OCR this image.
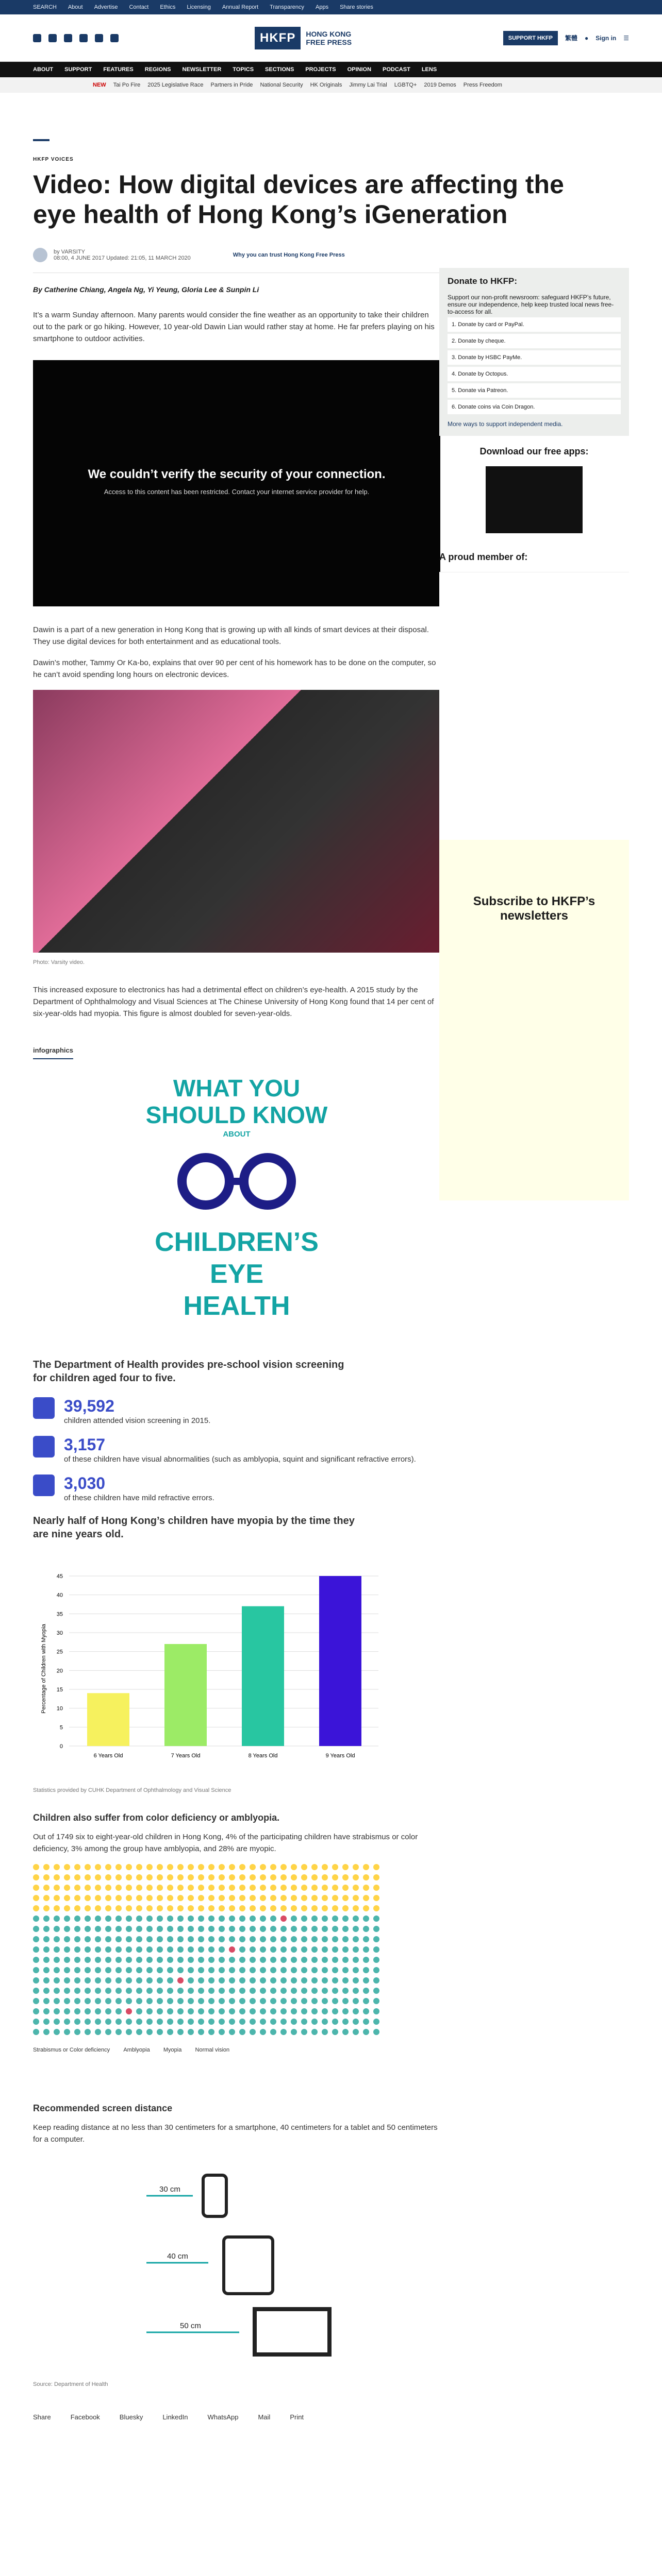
SEARCH About Advertise Contact Ethics Licensing Annual Report Transparency Apps Share stories
HKFP	HONG KONG
FREE PRESS	SUPPORT HKFP	繁體 ● Sign in ☰
ABOUT SUPPORT FEATURES REGIONS NEWSLETTER TOPICS SECTIONS PROJECTS OPINION PODCAST LENS
NEW Tai Po Fire 2025 Legislative Race Partners in Pride National Security HK Originals Jimmy Lai Trial LGBTQ+ 2019 Demos Press Freedom
HKFP VOICES
Video: How digital devices are affecting the eye health of Hong Kong’s iGeneration
by VARSITY
08:00, 4 JUNE 2017 Updated: 21:05, 11 MARCH 2020	Why you can trust Hong Kong Free Press
By Catherine Chiang, Angela Ng, Yi Yeung, Gloria Lee & Sunpin Li

It’s a warm Sunday afternoon. Many parents would consider the fine weather as an opportunity to take their children out to the park or go hiking. However, 10 year-old Dawin Lian would rather stay at home. He far prefers playing on his smartphone to outdoor activities.

We couldn’t verify the security of your connection.
Access to this content has been restricted. Contact your internet service provider for help.

Dawin is a part of a new generation in Hong Kong that is growing up with all kinds of smart devices at their disposal. They use digital devices for both entertainment and as educational tools.

Dawin’s mother, Tammy Or Ka-bo, explains that over 90 per cent of his homework has to be done on the computer, so he can’t avoid spending long hours on electronic devices.

Photo: Varsity video.

This increased exposure to electronics has had a detrimental effect on children’s eye-health. A 2015 study by the Department of Ophthalmology and Visual Sciences at The Chinese University of Hong Kong found that 14 per cent of six-year-olds had myopia. This figure is almost doubled for seven-year-olds.

infographics
WHAT YOU
SHOULD KNOW
ABOUT
CHILDREN’S
EYE
HEALTH
The Department of Health provides pre-school vision screening for children aged four to five.
39,592
children attended vision screening in 2015.
3,157
of these children have visual abnormalities (such as amblyopia, squint and significant refractive errors).
3,030
of these children have mild refractive errors.
Nearly half of Hong Kong’s children have myopia by the time they are nine years old.
0
5
10
15
20
25
30
35
40
45
6 Years Old	7 Years Old	8 Years Old	9 Years Old
Percentage of Children with Myopia
Statistics provided by CUHK Department of Ophthalmology and Visual Science
Children also suffer from color deficiency or amblyopia.

Out of 1749 six to eight-year-old children in Hong Kong, 4% of the participating children have strabismus or color deficiency, 3% among the group have amblyopia, and 28% are myopic.

Strabismus or Color deficiency Amblyopia Myopia Normal vision
Recommended screen distance

Keep reading distance at no less than 30 centimeters for a smartphone, 40 centimeters for a tablet and 50 centimeters for a computer.

30 cm
40 cm
50 cm
Source: Department of Health
Share	Facebook	Bluesky	LinkedIn	WhatsApp	Mail	Print
Donate to HKFP:

Support our non-profit newsroom: safeguard HKFP’s future, ensure our independence, help keep trusted local news free-to-access for all.

1. Donate by card or PayPal.
2. Donate by cheque.
3. Donate by HSBC PayMe.
4. Donate by Octopus.
5. Donate via Patreon.
6. Donate coins via Coin Dragon.

More ways to support independent media.

Download our free apps:
A proud member of:
Subscribe to HKFP’s newsletters
